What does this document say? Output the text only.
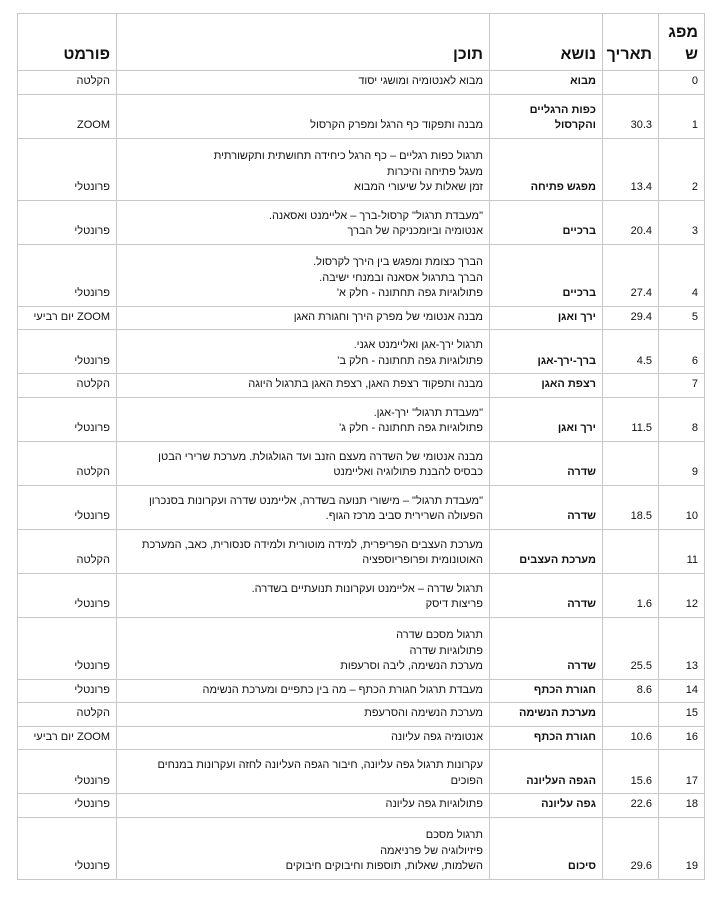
מפג ש	תאריך	נושא	תוכן	פורמט
0		מבוא	מבוא לאנטומיה ומושגי יסוד	הקלטה
1	30.3	כפות הרגליים והקרסול	מבנה ותפקוד כף הרגל ומפרק הקרסול	ZOOM
2	13.4	מפגש פתיחה	תרגול כפות רגליים – כף הרגל כיחידה תחושתית ותקשורתית
מעגל פתיחה והיכרות
זמן שאלות על שיעורי המבוא	פרונטלי
3	20.4	ברכיים	"מעבדת תרגול" קרסול-ברך – אליימנט ואסאנה.
אנטומיה וביומכניקה של הברך	פרונטלי
4	27.4	ברכיים	הברך כצומת ומפגש בין הירך לקרסול.
הברך בתרגול אסאנה ובמנחי ישיבה.
פתולוגיות גפה תחתונה - חלק א'	פרונטלי
5	29.4	ירך ואגן	מבנה אנטומי של מפרק הירך וחגורת האגן	ZOOM יום רביעי
6	4.5	ברך-ירך-אגן	תרגול ירך-אגן ואליימנט אגני.
פתולוגיות גפה תחתונה - חלק ב'	פרונטלי
7		רצפת האגן	מבנה ותפקוד רצפת האגן, רצפת האגן בתרגול היוגה	הקלטה
8	11.5	ירך ואגן	"מעבדת תרגול" ירך-אגן.
פתולוגיות גפה תחתונה - חלק ג'	פרונטלי
9		שדרה	מבנה אנטומי של השדרה מעצם הזנב ועד הגולגולת. מערכת שרירי הבטן
כבסיס להבנת פתולוגיה ואליימנט	הקלטה
10	18.5	שדרה	"מעבדת תרגול" – מישורי תנועה בשדרה, אליימנט שדרה ועקרונות בסנכרון
הפעולה השרירית סביב מרכז הגוף.	פרונטלי
11		מערכת העצבים	מערכת העצבים הפריפרית, למידה מוטורית ולמידה סנסורית, כאב, המערכת
האוטונומית ופרופריוספציה	הקלטה
12	1.6	שדרה	תרגול שדרה – אליימנט ועקרונות תנועתיים בשדרה.
פריצות דיסק	פרונטלי
13	25.5	שדרה	תרגול מסכם שדרה
פתולוגיות שדרה
מערכת הנשימה, ליבה וסרעפות	פרונטלי
14	8.6	חגורת הכתף	מעבדת תרגול חגורת הכתף – מה בין כתפיים ומערכת הנשימה	פרונטלי
15		מערכת הנשימה	מערכת הנשימה והסרעפת	הקלטה
16	10.6	חגורת הכתף	אנטומיה גפה עליונה	ZOOM יום רביעי
17	15.6	הגפה העליונה	עקרונות תרגול גפה עליונה, חיבור הגפה העליונה לחזה ועקרונות במנחים
הפוכים	פרונטלי
18	22.6	גפה עליונה	פתולוגיות גפה עליונה	פרונטלי
19	29.6	סיכום	תרגול מסכם
פיזיולוגיה של פרניאמה
השלמות, שאלות, תוספות וחיבוקים חיבוקים	פרונטלי
